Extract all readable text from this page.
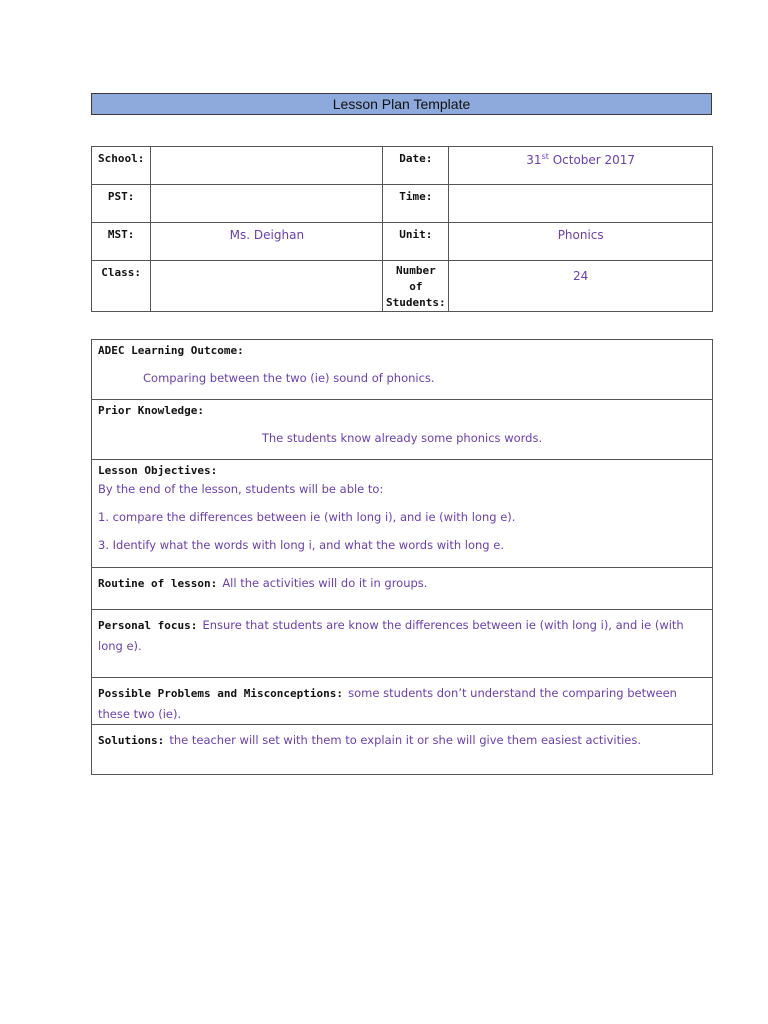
Lesson Plan Template
School:		Date:	31st October 2017
PST:		Time:	
MST:	Ms. Deighan	Unit:	Phonics
Class:		Number
of
Students:	24
ADEC Learning Outcome:
Comparing between the two (ie) sound of phonics.

Prior Knowledge:
The students know already some phonics words.

Lesson Objectives:
By the end of the lesson, students will be able to:
1. compare the differences between ie (with long i), and ie (with long e).
3. Identify what the words with long i, and what the words with long e.

Routine of lesson: All the activities will do it in groups.
Personal focus: Ensure that students are know the differences between ie (with long i), and ie (with long e).
Possible Problems and Misconceptions: some students don’t understand the comparing between these two (ie).
Solutions: the teacher will set with them to explain it or she will give them easiest activities.
